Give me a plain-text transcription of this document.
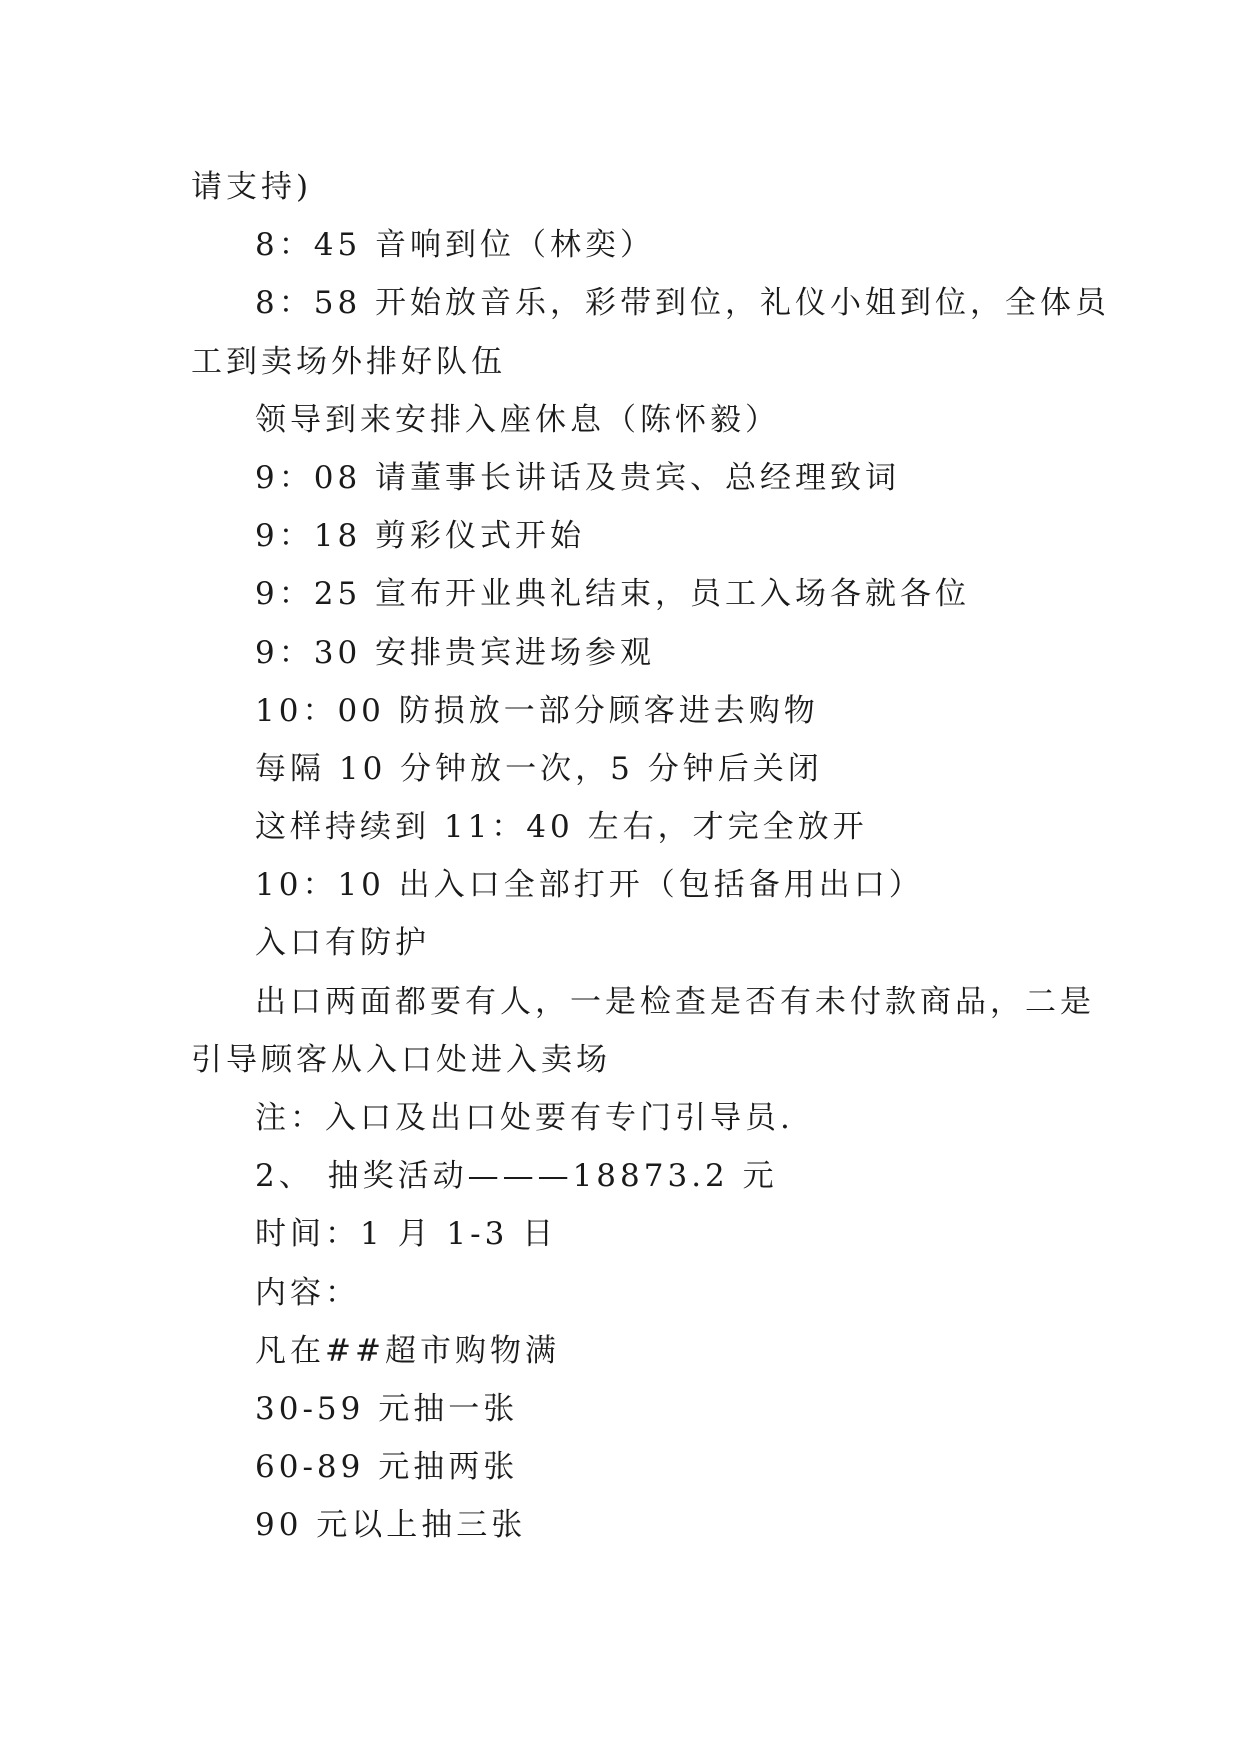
请支持)
8：45 音响到位（林奕）
8：58 开始放音乐，彩带到位，礼仪小姐到位，全体员
工到卖场外排好队伍
领导到来安排入座休息（陈怀毅）
9：08 请董事长讲话及贵宾、总经理致词
9：18 剪彩仪式开始
9：25 宣布开业典礼结束，员工入场各就各位
9：30 安排贵宾进场参观
10：00 防损放一部分顾客进去购物
每隔 10 分钟放一次，5 分钟后关闭
这样持续到 11：40 左右，才完全放开
10：10 出入口全部打开（包括备用出口）
入口有防护
出口两面都要有人，一是检查是否有未付款商品，二是
引导顾客从入口处进入卖场
注：入口及出口处要有专门引导员.
2、 抽奖活动———18873.2 元
时间：1 月 1-3 日
内容：
凡在##超市购物满
30-59 元抽一张
60-89 元抽两张
90 元以上抽三张
